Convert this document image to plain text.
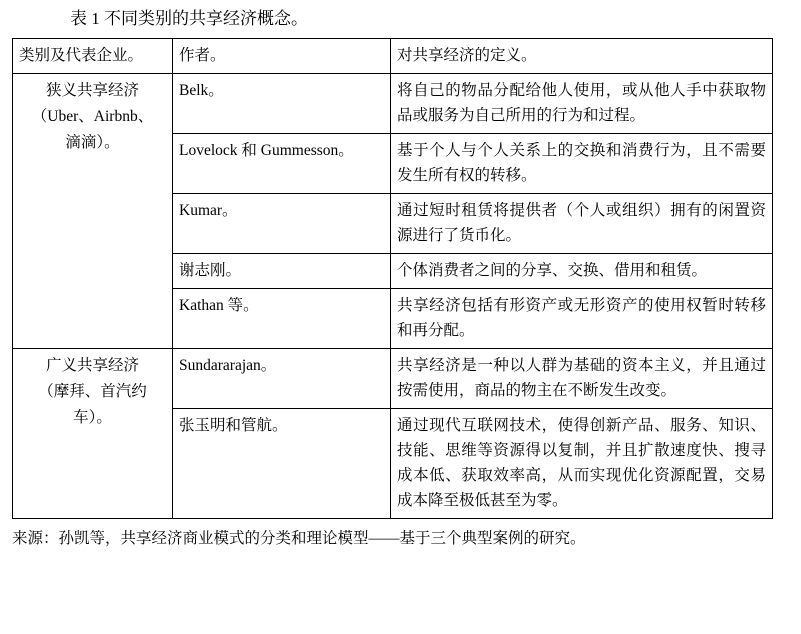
表 1 不同类别的共享经济概念。
类别及代表企业。	作者。	对共享经济的定义。

狭义共享经济
（Uber、Airbnb、
滴滴）。	Belk。	将自己的物品分配给他人使用，或从他人手中获取物品或服务为自己所用的行为和过程。
	Lovelock 和 Gummesson。	基于个人与个人关系上的交换和消费行为，且不需要发生所有权的转移。
	Kumar。	通过短时租赁将提供者（个人或组织）拥有的闲置资源进行了货币化。
	谢志刚。	个体消费者之间的分享、交换、借用和租赁。
	Kathan 等。	共享经济包括有形资产或无形资产的使用权暂时转移和再分配。

广义共享经济
（摩拜、首汽约
车）。	Sundararajan。	共享经济是一种以人群为基础的资本主义，并且通过按需使用，商品的物主在不断发生改变。
	张玉明和管航。	通过现代互联网技术，使得创新产品、服务、知识、技能、思维等资源得以复制，并且扩散速度快、搜寻成本低、获取效率高，从而实现优化资源配置，交易成本降至极低甚至为零。
来源：孙凯等，共享经济商业模式的分类和理论模型——基于三个典型案例的研究。
